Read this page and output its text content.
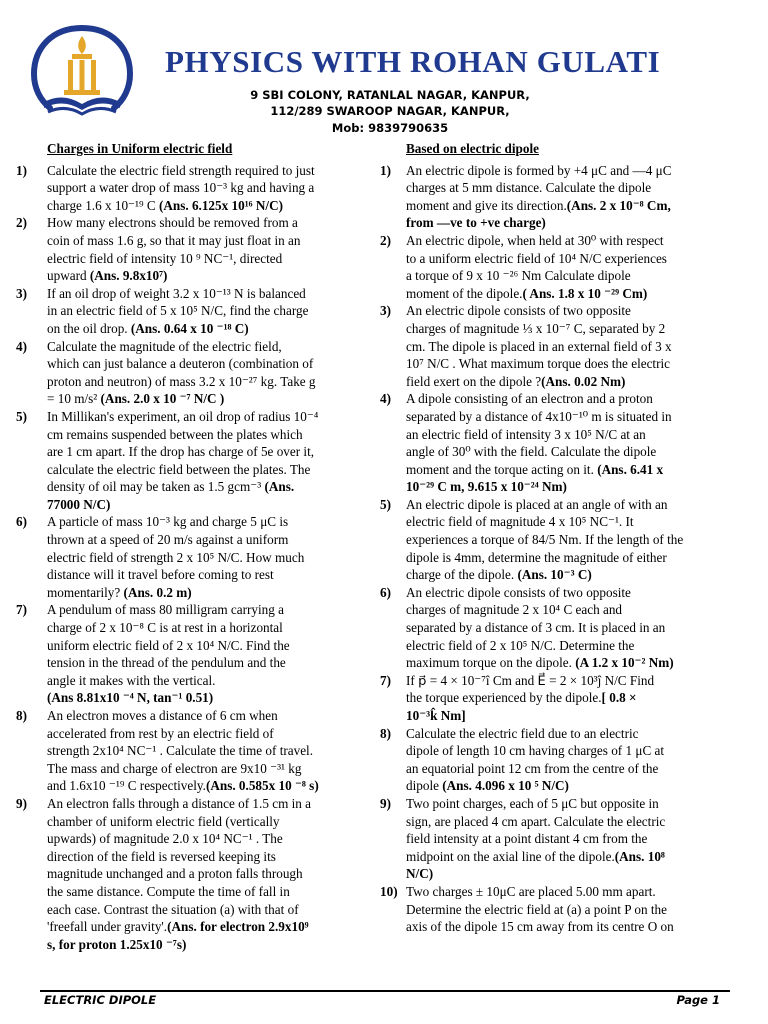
PHYSICS WITH ROHAN GULATI
9 SBI COLONY, RATANLAL NAGAR, KANPUR,
112/289 SWAROOP NAGAR, KANPUR,
Mob: 9839790635
Charges in Uniform electric field
1) Calculate the electric field strength required to just
support a water drop of mass 10⁻³ kg and having a
charge 1.6 x 10⁻¹⁹ C (Ans. 6.125x 10¹⁶ N/C)
2) How many electrons should be removed from a
coin of mass 1.6 g, so that it may just float in an
electric field of intensity 10 ⁹ NC⁻¹, directed
upward (Ans. 9.8x10⁷)
3) If an oil drop of weight 3.2 x 10⁻¹³ N is balanced
in an electric field of 5 x 10⁵ N/C, find the charge
on the oil drop. (Ans. 0.64 x 10 ⁻¹⁸ C)
4) Calculate the magnitude of the electric field,
which can just balance a deuteron (combination of
proton and neutron) of mass 3.2 x 10⁻²⁷ kg. Take g
= 10 m/s² (Ans. 2.0 x 10 ⁻⁷ N/C )
5) In Millikan's experiment, an oil drop of radius 10⁻⁴
cm remains suspended between the plates which
are 1 cm apart. If the drop has charge of 5e over it,
calculate the electric field between the plates. The
density of oil may be taken as 1.5 gcm⁻³ (Ans.
77000 N/C)
6) A particle of mass 10⁻³ kg and charge 5 μC is
thrown at a speed of 20 m/s against a uniform
electric field of strength 2 x 10⁵ N/C. How much
distance will it travel before coming to rest
momentarily? (Ans. 0.2 m)
7) A pendulum of mass 80 milligram carrying a
charge of 2 x 10⁻⁸ C is at rest in a horizontal
uniform electric field of 2 x 10⁴ N/C. Find the
tension in the thread of the pendulum and the
angle it makes with the vertical.
(Ans 8.81x10 ⁻⁴ N, tan⁻¹ 0.51)
8) An electron moves a distance of 6 cm when
accelerated from rest by an electric field of
strength 2x10⁴ NC⁻¹ . Calculate the time of travel.
The mass and charge of electron are 9x10 ⁻³¹ kg
and 1.6x10 ⁻¹⁹ C respectively.(Ans. 0.585x 10 ⁻⁸ s)
9) An electron falls through a distance of 1.5 cm in a
chamber of uniform electric field (vertically
upwards) of magnitude 2.0 x 10⁴ NC⁻¹ . The
direction of the field is reversed keeping its
magnitude unchanged and a proton falls through
the same distance. Compute the time of fall in
each case. Contrast the situation (a) with that of
'freefall under gravity'.(Ans. for electron 2.9x10⁹
s, for proton 1.25x10 ⁻⁷s)
Based on electric dipole
1) An electric dipole is formed by +4 μC and ―4 μC
charges at 5 mm distance. Calculate the dipole
moment and give its direction.(Ans. 2 x 10⁻⁸ Cm,
from ―ve to +ve charge)
2) An electric dipole, when held at 30⁰ with respect
to a uniform electric field of 10⁴ N/C experiences
a torque of 9 x 10 ⁻²⁶ Nm Calculate dipole
moment of the dipole.( Ans. 1.8 x 10 ⁻²⁹ Cm)
3) An electric dipole consists of two opposite
charges of magnitude ⅓ x 10⁻⁷ C, separated by 2
cm. The dipole is placed in an external field of 3 x
10⁷ N/C . What maximum torque does the electric
field exert on the dipole ?(Ans. 0.02 Nm)
4) A dipole consisting of an electron and a proton
separated by a distance of 4x10⁻¹⁰ m is situated in
an electric field of intensity 3 x 10⁵ N/C at an
angle of 30⁰ with the field. Calculate the dipole
moment and the torque acting on it. (Ans. 6.41 x
10⁻²⁹ C m, 9.615 x 10⁻²⁴ Nm)
5) An electric dipole is placed at an angle of with an
electric field of magnitude 4 x 10⁵ NC⁻¹. It
experiences a torque of 84/5 Nm. If the length of the
dipole is 4mm, determine the magnitude of either
charge of the dipole. (Ans. 10⁻³ C)
6) An electric dipole consists of two opposite
charges of magnitude 2 x 10⁴ C each and
separated by a distance of 3 cm. It is placed in an
electric field of 2 x 10⁵ N/C. Determine the
maximum torque on the dipole. (A 1.2 x 10⁻² Nm)
7) If p⃗ = 4 × 10⁻⁷î Cm and E⃗ = 2 × 10³ĵ N/C Find
the torque experienced by the dipole.[ 0.8 ×
10⁻³k̂ Nm]
8) Calculate the electric field due to an electric
dipole of length 10 cm having charges of 1 μC at
an equatorial point 12 cm from the centre of the
dipole (Ans. 4.096 x 10 ⁵ N/C)
9) Two point charges, each of 5 μC but opposite in
sign, are placed 4 cm apart. Calculate the electric
field intensity at a point distant 4 cm from the
midpoint on the axial line of the dipole.(Ans. 10⁸
N/C)
10) Two charges ± 10μC are placed 5.00 mm apart.
Determine the electric field at (a) a point P on the
axis of the dipole 15 cm away from its centre O on
ELECTRIC DIPOLE	Page 1
